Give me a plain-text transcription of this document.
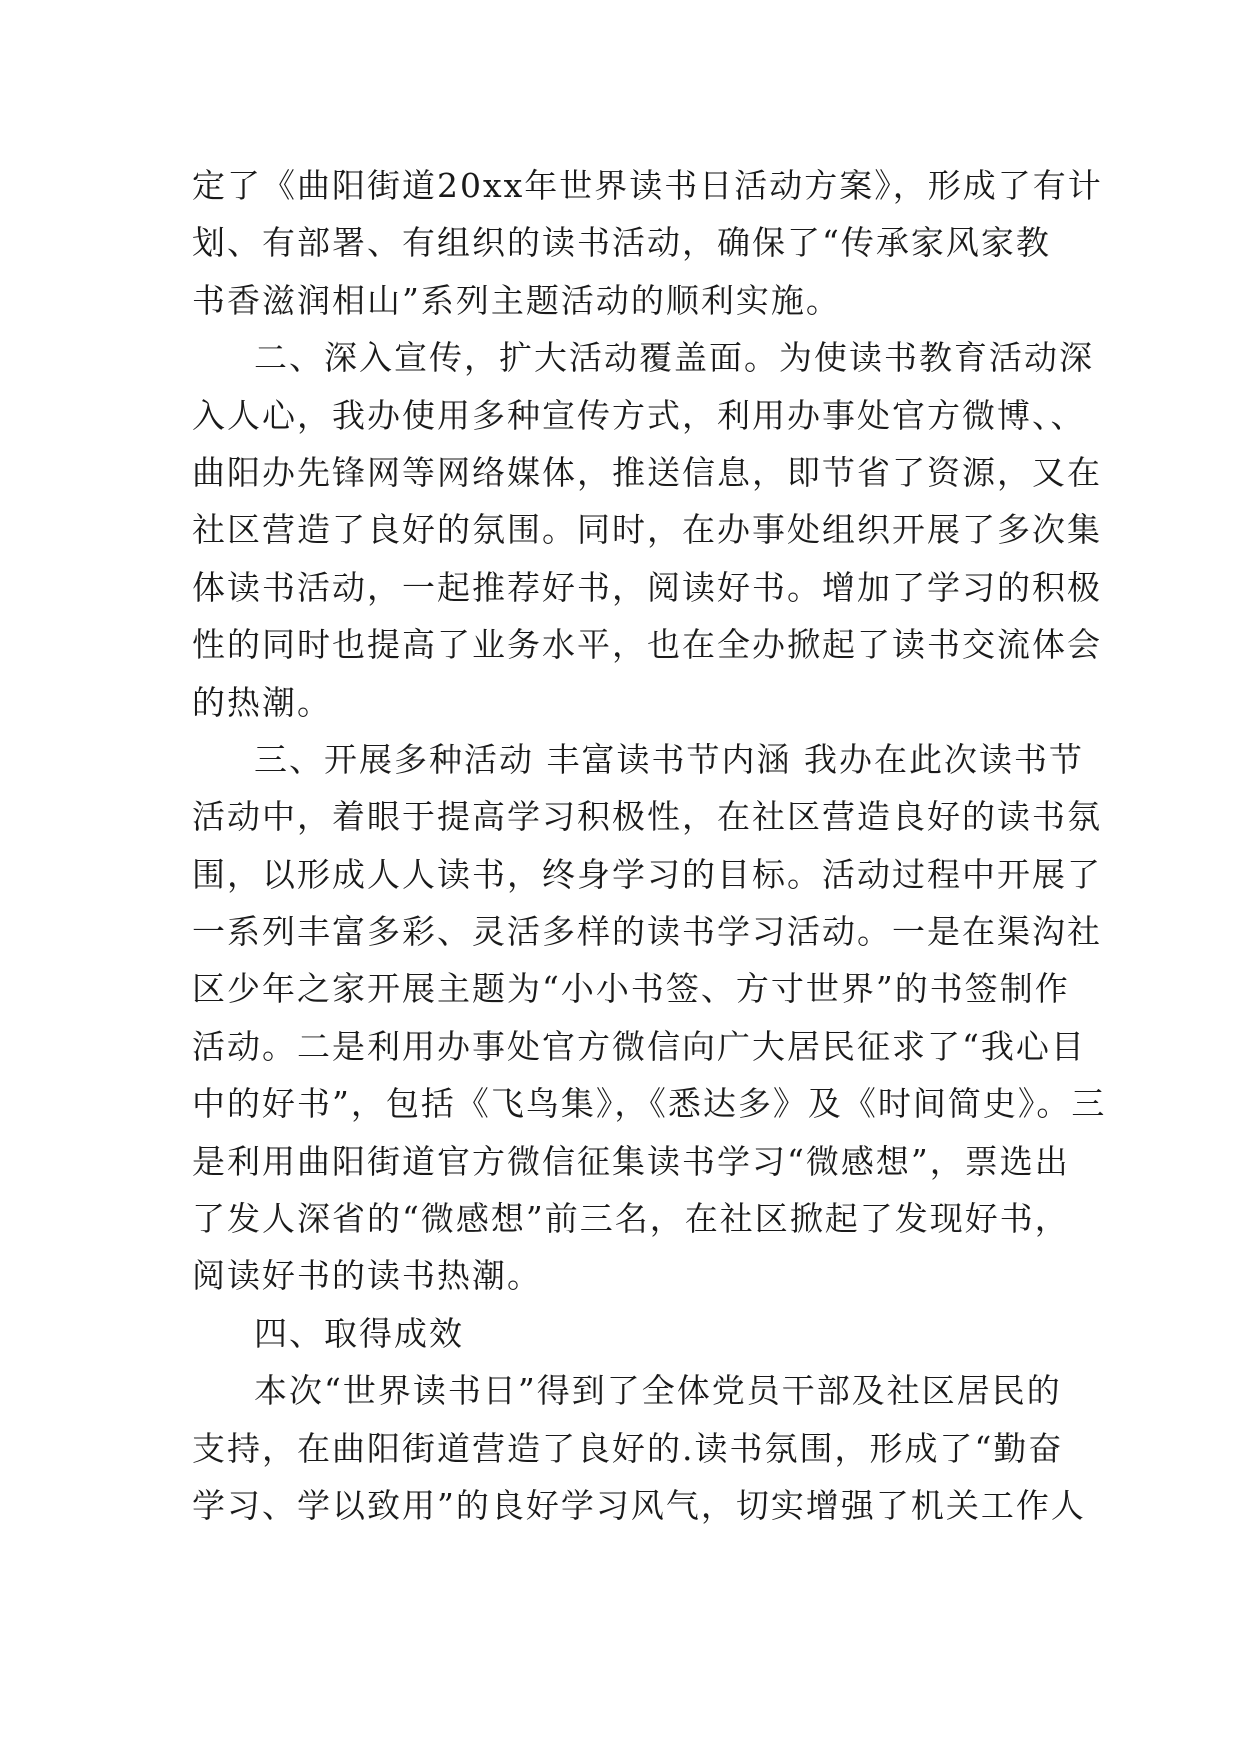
定了《曲阳街道20xx年世界读书日活动方案》，形成了有计
划、有部署、有组织的读书活动，确保了“传承家风家教
书香滋润相山”系列主题活动的顺利实施。
二、深入宣传，扩大活动覆盖面。为使读书教育活动深
入人心，我办使用多种宣传方式，利用办事处官方微博、、
曲阳办先锋网等网络媒体，推送信息，即节省了资源，又在
社区营造了良好的氛围。同时，在办事处组织开展了多次集
体读书活动，一起推荐好书，阅读好书。增加了学习的积极
性的同时也提高了业务水平，也在全办掀起了读书交流体会
的热潮。
三、开展多种活动 丰富读书节内涵 我办在此次读书节
活动中，着眼于提高学习积极性，在社区营造良好的读书氛
围，以形成人人读书，终身学习的目标。活动过程中开展了
一系列丰富多彩、灵活多样的读书学习活动。一是在渠沟社
区少年之家开展主题为“小小书签、方寸世界”的书签制作
活动。二是利用办事处官方微信向广大居民征求了“我心目
中的好书”，包括《飞鸟集》，《悉达多》及《时间简史》。三
是利用曲阳街道官方微信征集读书学习“微感想”，票选出
了发人深省的“微感想”前三名，在社区掀起了发现好书，
阅读好书的读书热潮。
四、取得成效
本次“世界读书日”得到了全体党员干部及社区居民的
支持，在曲阳街道营造了良好的.读书氛围，形成了“勤奋
学习、学以致用”的良好学习风气，切实增强了机关工作人
